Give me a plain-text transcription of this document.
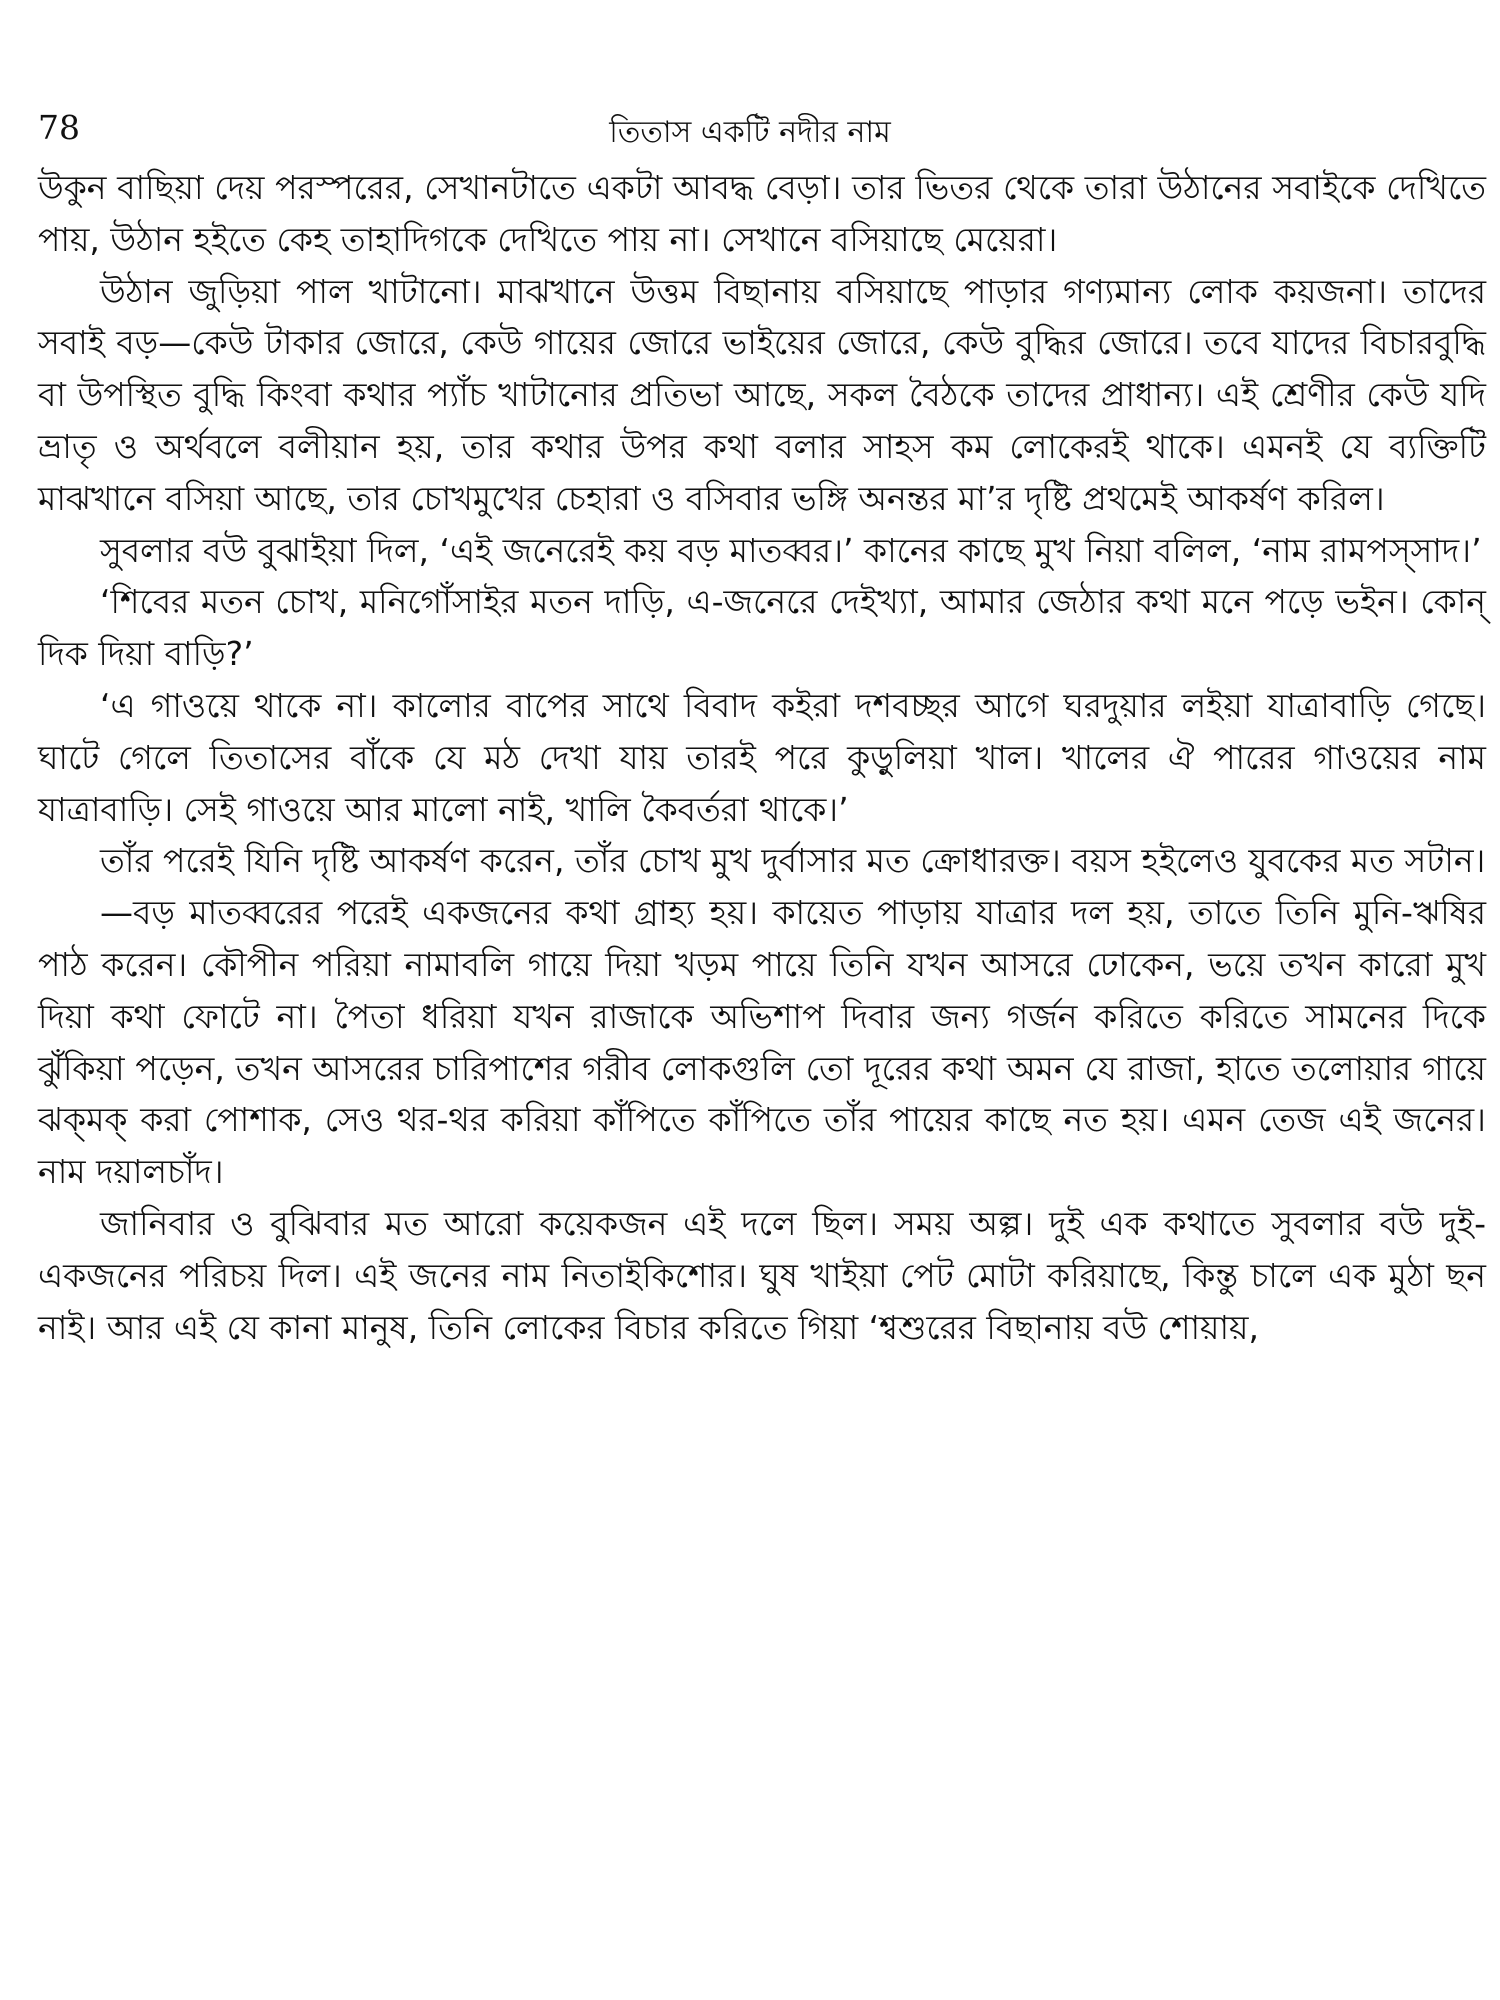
78	তিতাস একটি নদীর নাম

উকুন বাছিয়া দেয় পরস্পরের, সেখানটাতে একটা আবদ্ধ বেড়া। তার ভিতর থেকে তারা উঠানের সবাইকে দেখিতে পায়, উঠান হইতে কেহ তাহাদিগকে দেখিতে পায় না। সেখানে বসিয়াছে মেয়েরা।

উঠান জুড়িয়া পাল খাটানো। মাঝখানে উত্তম বিছানায় বসিয়াছে পাড়ার গণ্যমান্য লোক কয়জনা। তাদের সবাই বড়—কেউ টাকার জোরে, কেউ গায়ের জোরে ভাইয়ের জোরে, কেউ বুদ্ধির জোরে। তবে যাদের বিচারবুদ্ধি বা উপস্থিত বুদ্ধি কিংবা কথার প্যাঁচ খাটানোর প্রতিভা আছে, সকল বৈঠকে তাদের প্রাধান্য। এই শ্রেণীর কেউ যদি ভ্রাতৃ ও অর্থবলে বলীয়ান হয়, তার কথার উপর কথা বলার সাহস কম লোকেরই থাকে। এমনই যে ব্যক্তিটি মাঝখানে বসিয়া আছে, তার চোখমুখের চেহারা ও বসিবার ভঙ্গি অনন্তর মা’র দৃষ্টি প্রথমেই আকর্ষণ করিল।

সুবলার বউ বুঝাইয়া দিল, ‘এই জনেরেই কয় বড় মাতব্বর।’ কানের কাছে মুখ নিয়া বলিল, ‘নাম রামপস্‌সাদ।’

‘শিবের মতন চোখ, মনিগোঁসাইর মতন দাড়ি, এ-জনেরে দেইখ্যা, আমার জেঠার কথা মনে পড়ে ভইন। কোন্‌ দিক দিয়া বাড়ি?’

‘এ গাওয়ে থাকে না। কালোর বাপের সাথে বিবাদ কইরা দশবচ্ছর আগে ঘরদুয়ার লইয়া যাত্রাবাড়ি গেছে। ঘাটে গেলে তিতাসের বাঁকে যে মঠ দেখা যায় তারই পরে কুড়ুলিয়া খাল। খালের ঐ পারের গাওয়ের নাম যাত্রাবাড়ি। সেই গাওয়ে আর মালো নাই, খালি কৈবর্তরা থাকে।’

তাঁর পরেই যিনি দৃষ্টি আকর্ষণ করেন, তাঁর চোখ মুখ দুর্বাসার মত ক্রোধারক্ত। বয়স হইলেও যুবকের মত সটান।

—বড় মাতব্বরের পরেই একজনের কথা গ্রাহ্য হয়। কায়েত পাড়ায় যাত্রার দল হয়, তাতে তিনি মুনি-ঋষির পাঠ করেন। কৌপীন পরিয়া নামাবলি গায়ে দিয়া খড়ম পায়ে তিনি যখন আসরে ঢোকেন, ভয়ে তখন কারো মুখ দিয়া কথা ফোটে না। পৈতা ধরিয়া যখন রাজাকে অভিশাপ দিবার জন্য গর্জন করিতে করিতে সামনের দিকে ঝুঁকিয়া পড়েন, তখন আসরের চারিপাশের গরীব লোকগুলি তো দূরের কথা অমন যে রাজা, হাতে তলোয়ার গায়ে ঝক্‌মক্‌ করা পোশাক, সেও থর-থর করিয়া কাঁপিতে কাঁপিতে তাঁর পায়ের কাছে নত হয়। এমন তেজ এই জনের। নাম দয়ালচাঁদ।

জানিবার ও বুঝিবার মত আরো কয়েকজন এই দলে ছিল। সময় অল্প। দুই এক কথাতে সুবলার বউ দুই-একজনের পরিচয় দিল। এই জনের নাম নিতাইকিশোর। ঘুষ খাইয়া পেট মোটা করিয়াছে, কিন্তু চালে এক মুঠা ছন নাই। আর এই যে কানা মানুষ, তিনি লোকের বিচার করিতে গিয়া ‘শ্বশুরের বিছানায় বউ শোয়ায়,
